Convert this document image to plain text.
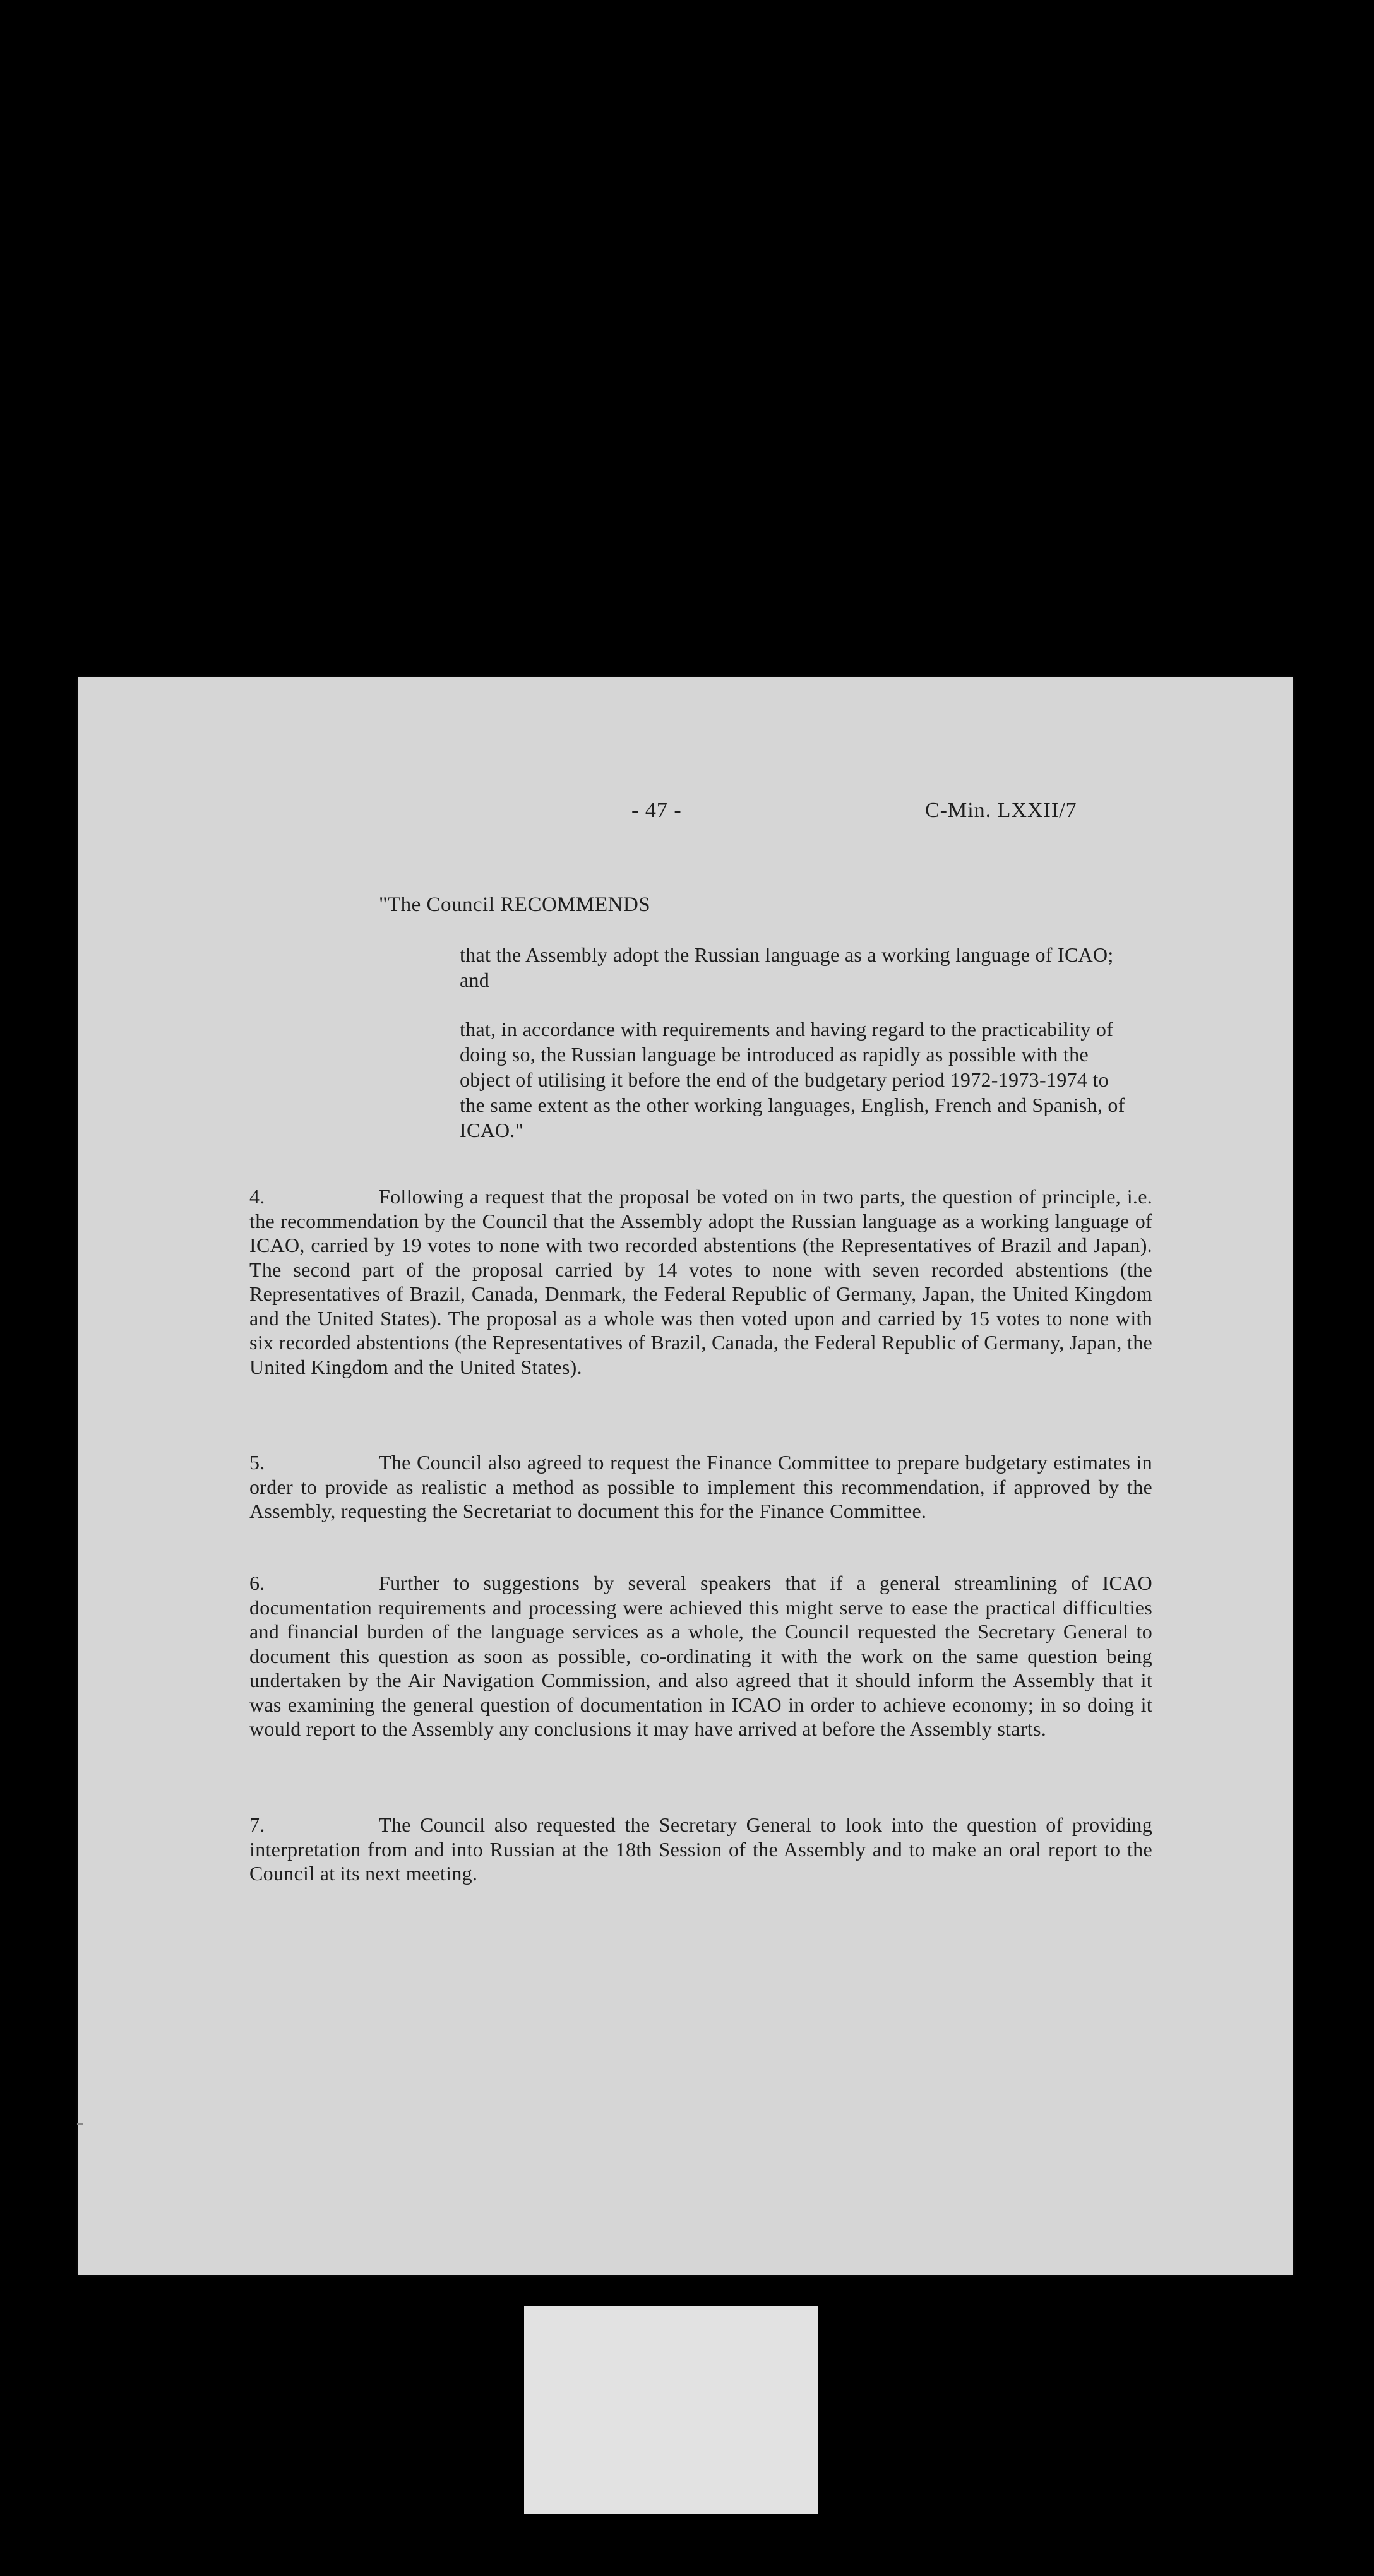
- 47 -	C-Min. LXXII/7
"The Council RECOMMENDS

that the Assembly adopt the Russian language as a working language of ICAO; and

that, in accordance with requirements and having regard to the practicability of doing so, the Russian language be introduced as rapidly as possible with the object of utilising it before the end of the budgetary period 1972-1973-1974 to the same extent as the other working languages, English, French and Spanish, of ICAO."

4.	Following a request that the proposal be voted on in two parts, the question of principle, i.e. the recommendation by the Council that the Assembly adopt the Russian language as a working language of ICAO, carried by 19 votes to none with two recorded abstentions (the Representatives of Brazil and Japan). The second part of the proposal carried by 14 votes to none with seven recorded abstentions (the Representatives of Brazil, Canada, Denmark, the Federal Republic of Germany, Japan, the United Kingdom and the United States). The proposal as a whole was then voted upon and carried by 15 votes to none with six recorded abstentions (the Representatives of Brazil, Canada, the Federal Republic of Germany, Japan, the United Kingdom and the United States).

5.	The Council also agreed to request the Finance Committee to prepare budgetary estimates in order to provide as realistic a method as possible to implement this recommendation, if approved by the Assembly, requesting the Secretariat to document this for the Finance Committee.

6.	Further to suggestions by several speakers that if a general streamlining of ICAO documentation requirements and processing were achieved this might serve to ease the practical difficulties and financial burden of the language services as a whole, the Council requested the Secretary General to document this question as soon as possible, co-ordinating it with the work on the same question being undertaken by the Air Navigation Commission, and also agreed that it should inform the Assembly that it was examining the general question of documentation in ICAO in order to achieve economy; in so doing it would report to the Assembly any conclusions it may have arrived at before the Assembly starts.

7.	The Council also requested the Secretary General to look into the question of providing interpretation from and into Russian at the 18th Session of the Assembly and to make an oral report to the Council at its next meeting.
